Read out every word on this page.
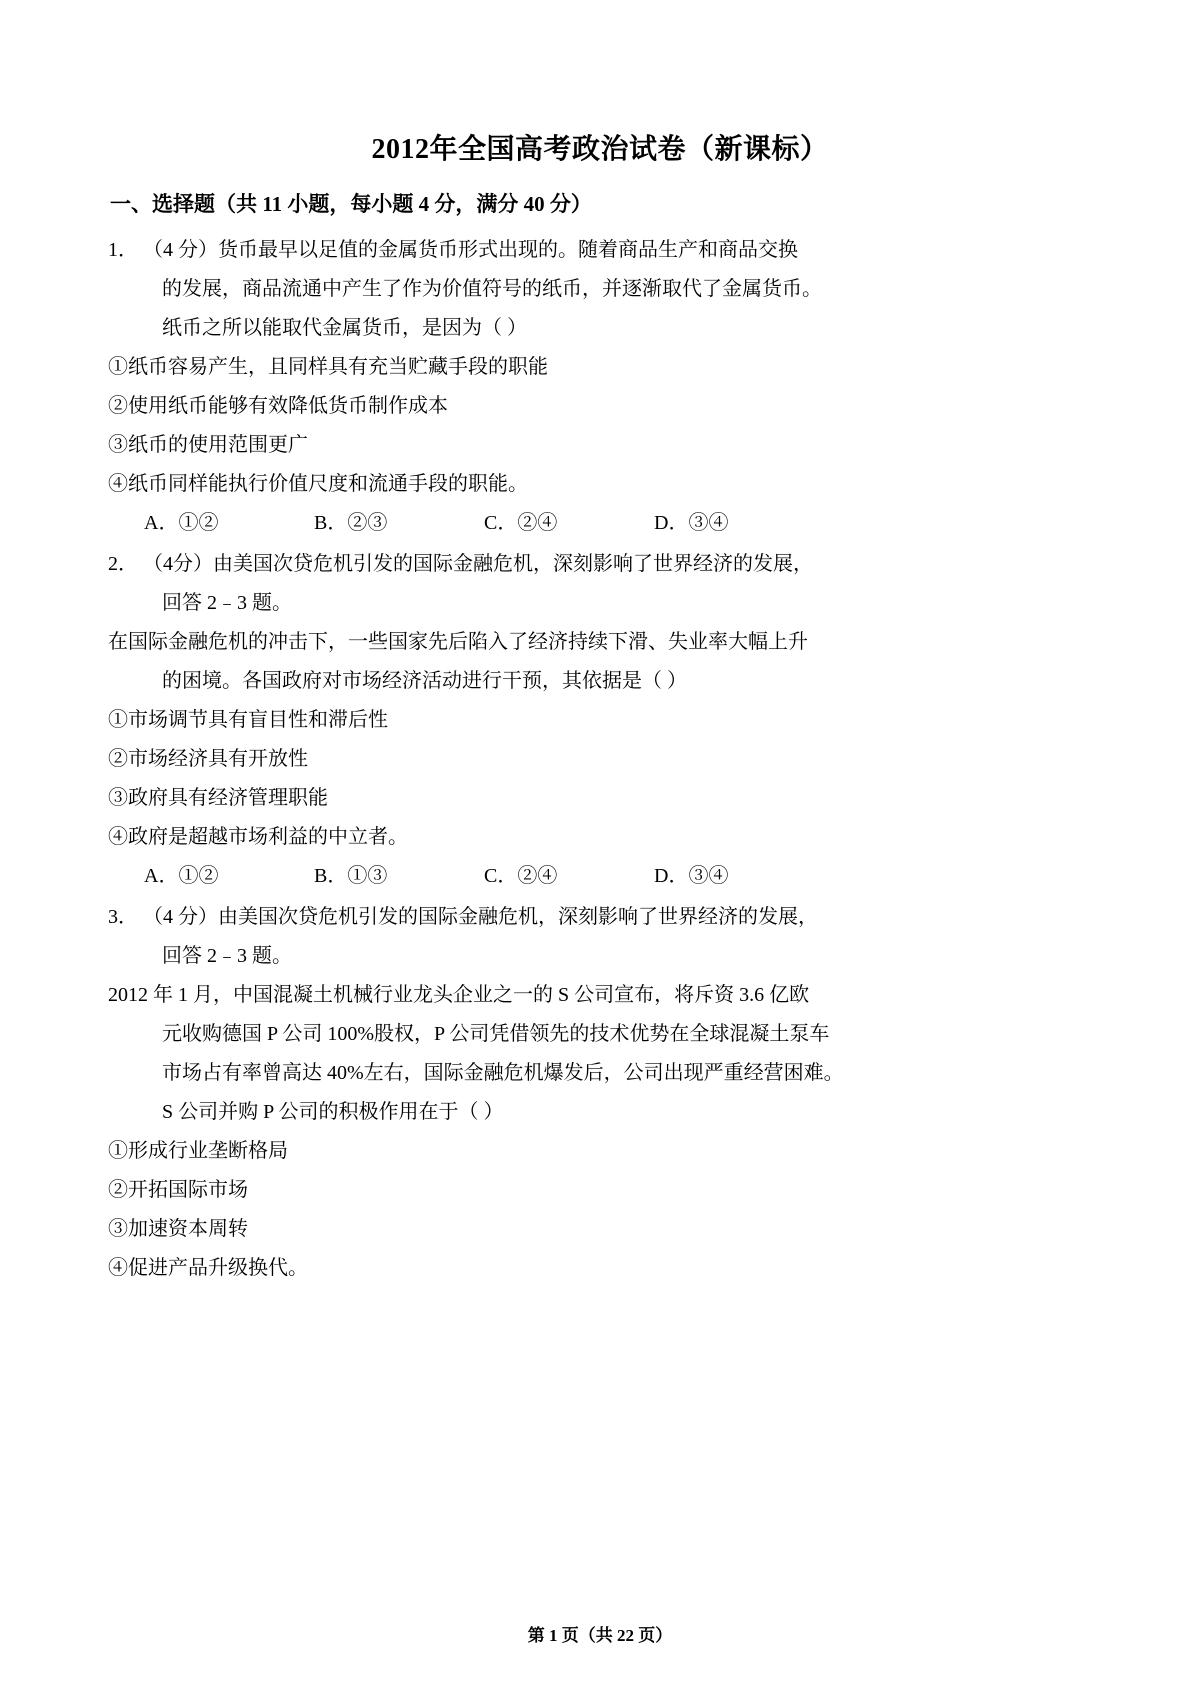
2012年全国高考政治试卷（新课标）
一、选择题（共 11 小题，每小题 4 分，满分 40 分）

1． （4 分）货币最早以足值的金属货币形式出现的。随着商品生产和商品交换

的发展，商品流通中产生了作为价值符号的纸币，并逐渐取代了金属货币。

纸币之所以能取代金属货币，是因为（ ）

①纸币容易产生，且同样具有充当贮藏手段的职能

②使用纸币能够有效降低货币制作成本

③纸币的使用范围更广

④纸币同样能执行价值尺度和流通手段的职能。

A．①②	B．②③	C．②④	D．③④

2． （4分）由美国次贷危机引发的国际金融危机，深刻影响了世界经济的发展，

回答 2﹣3 题。

在国际金融危机的冲击下，一些国家先后陷入了经济持续下滑、失业率大幅上升

的困境。各国政府对市场经济活动进行干预，其依据是（ ）

①市场调节具有盲目性和滞后性

②市场经济具有开放性

③政府具有经济管理职能

④政府是超越市场利益的中立者。

A．①②	B．①③	C．②④	D．③④

3． （4 分）由美国次贷危机引发的国际金融危机，深刻影响了世界经济的发展，

回答 2﹣3 题。

2012 年 1 月，中国混凝土机械行业龙头企业之一的 S 公司宣布，将斥资 3.6 亿欧

元收购德国 P 公司 100%股权，P 公司凭借领先的技术优势在全球混凝土泵车

市场占有率曾高达 40%左右，国际金融危机爆发后，公司出现严重经营困难。

S 公司并购 P 公司的积极作用在于（ ）

①形成行业垄断格局

②开拓国际市场

③加速资本周转

④促进产品升级换代。

第 1 页（共 22 页）
